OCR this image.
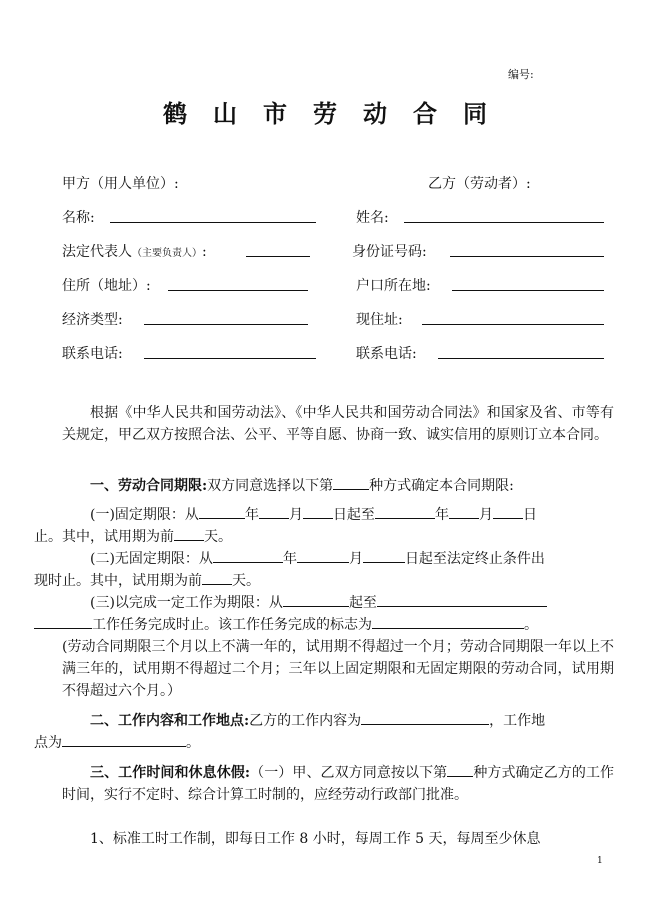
编号:
鹤山市劳动合同
甲方（用人单位）:	乙方（劳动者）:
名称:	姓名:
法定代表人（主要负责人）:	身份证号码:
住所（地址）:	户口所在地:
经济类型:	现住址:
联系电话:	联系电话:
根据《中华人民共和国劳动法》、《中华人民共和国劳动合同法》和国家及省、市等有关规定，甲乙双方按照合法、公平、平等自愿、协商一致、诚实信用的原则订立本合同。
一、劳动合同期限:双方同意选择以下第	种方式确定本合同期限:
(一)固定期限：从	年 月 日起至	年 月 日
止。其中，试用期为前 天。
(二)无固定期限：从	年	月	日起至法定终止条件出
现时止。其中，试用期为前 天。
(三)以完成一定工作为期限：从	起至
工作任务完成时止。该工作任务完成的标志为	。
(劳动合同期限三个月以上不满一年的，试用期不得超过一个月；劳动合同期限一年以上不满三年的，试用期不得超过二个月；三年以上固定期限和无固定期限的劳动合同，试用期不得超过六个月。）
二、工作内容和工作地点:乙方的工作内容为	，工作地
点为	。
三、工作时间和休息休假:（一）甲、乙双方同意按以下第 种方式确定乙方的工作时间，实行不定时、综合计算工时制的，应经劳动行政部门批准。
1、标准工时工作制，即每日工作 8 小时，每周工作 5 天，每周至少休息
1
